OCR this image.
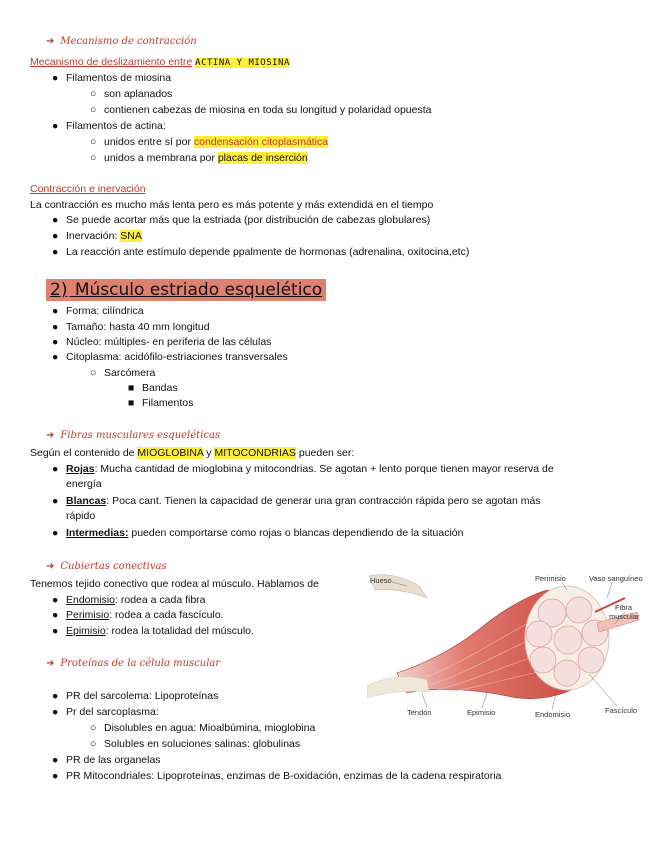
➜ Mecanismo de contracción
Mecanismo de deslizamiento entre ACTINA Y MIOSINA
● Filamentos de miosina
○ son aplanados
○ contienen cabezas de miosina en toda su longitud y polaridad opuesta
● Filamentos de actina:
○ unidos entre sí por condensación citoplasmática
○ unidos a membrana por placas de inserción
Contracción e inervación
La contracción es mucho más lenta pero es más potente y más extendida en el tiempo
● Se puede acortar más que la estriada (por distribución de cabezas globulares)
● Inervación: SNA
● La reacción ante estímulo depende ppalmente de hormonas (adrenalina, oxitocina,etc)
2) Músculo estriado esquelético
● Forma: cilíndrica
● Tamaño: hasta 40 mm longitud
● Núcleo: múltiples- en periferia de las células
● Citoplasma: acidófilo-estriaciones transversales
○ Sarcómera
■ Bandas
■ Filamentos
➜ Fibras musculares esqueléticas
Según el contenido de MIOGLOBINA y MITOCONDRIAS pueden ser:
● Rojas: Mucha cantidad de mioglobina y mitocondrias. Se agotan + lento porque tienen mayor reserva de
energía
● Blancas: Poca cant. Tienen la capacidad de generar una gran contracción rápida pero se agotan más
rápido
● Intermedias: pueden comportarse como rojas o blancas dependiendo de la situación
➜ Cubiertas conectivas
Tenemos tejido conectivo que rodea al músculo. Hablamos de
● Endomisio: rodea a cada fibra
● Perimisio: rodea a cada fascículo.
● Epimisio: rodea la totalidad del músculo.
➜ Proteínas de la célula muscular
● PR del sarcolema: Lipoproteínas
● Pr del sarcoplasma:
○ Disolubles en agua: Mioalbúmina, mioglobina
○ Solubles en soluciones salinas: globulinas
● PR de las organelas
● PR Mitocondriales: Lipoproteínas, enzimas de B-oxidación, enzimas de la cadena respiratoria
Hueso	Perimisio	Vaso sanguíneo
Fibra
muscular
Tendón	Epimisio	Endomisio	Fascículo
